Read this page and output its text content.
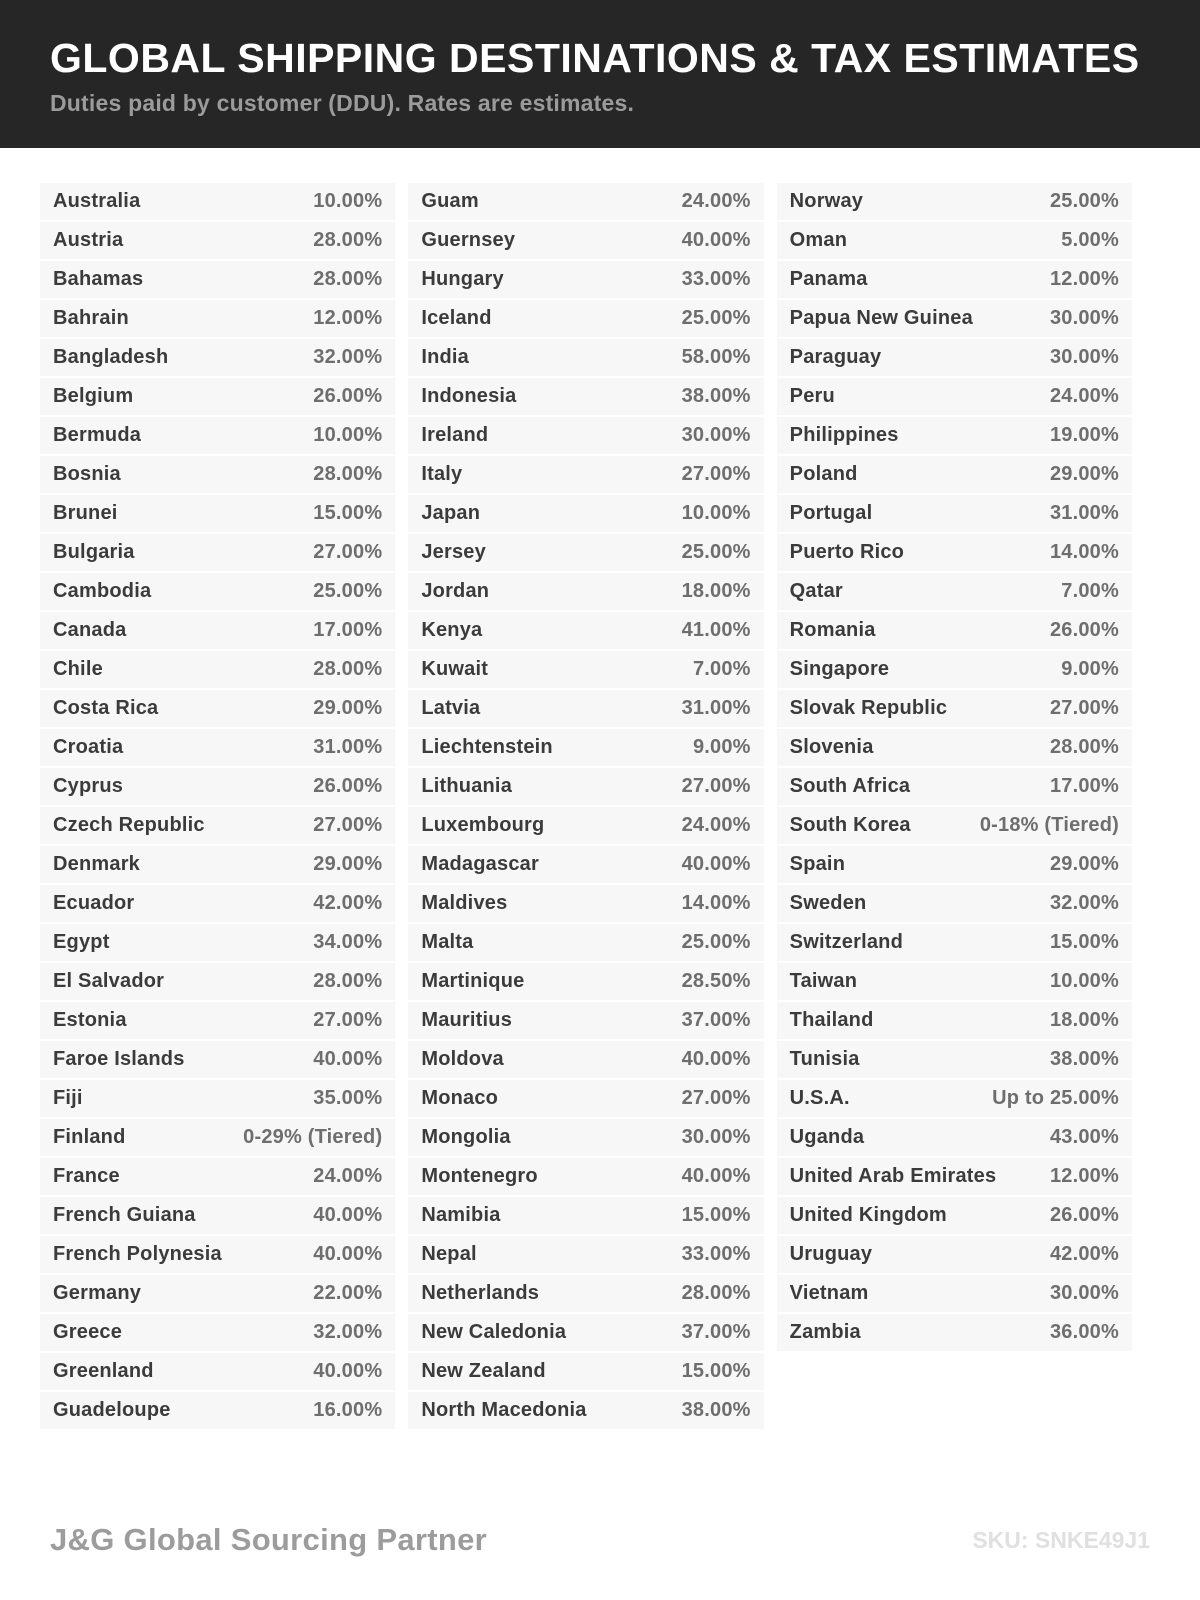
GLOBAL SHIPPING DESTINATIONS & TAX ESTIMATES
Duties paid by customer (DDU). Rates are estimates.
Australia	10.00%
Austria	28.00%
Bahamas	28.00%
Bahrain	12.00%
Bangladesh	32.00%
Belgium	26.00%
Bermuda	10.00%
Bosnia	28.00%
Brunei	15.00%
Bulgaria	27.00%
Cambodia	25.00%
Canada	17.00%
Chile	28.00%
Costa Rica	29.00%
Croatia	31.00%
Cyprus	26.00%
Czech Republic	27.00%
Denmark	29.00%
Ecuador	42.00%
Egypt	34.00%
El Salvador	28.00%
Estonia	27.00%
Faroe Islands	40.00%
Fiji	35.00%
Finland	0-29% (Tiered)
France	24.00%
French Guiana	40.00%
French Polynesia	40.00%
Germany	22.00%
Greece	32.00%
Greenland	40.00%
Guadeloupe	16.00%
Guam	24.00%
Guernsey	40.00%
Hungary	33.00%
Iceland	25.00%
India	58.00%
Indonesia	38.00%
Ireland	30.00%
Italy	27.00%
Japan	10.00%
Jersey	25.00%
Jordan	18.00%
Kenya	41.00%
Kuwait	7.00%
Latvia	31.00%
Liechtenstein	9.00%
Lithuania	27.00%
Luxembourg	24.00%
Madagascar	40.00%
Maldives	14.00%
Malta	25.00%
Martinique	28.50%
Mauritius	37.00%
Moldova	40.00%
Monaco	27.00%
Mongolia	30.00%
Montenegro	40.00%
Namibia	15.00%
Nepal	33.00%
Netherlands	28.00%
New Caledonia	37.00%
New Zealand	15.00%
North Macedonia	38.00%
Norway	25.00%
Oman	5.00%
Panama	12.00%
Papua New Guinea	30.00%
Paraguay	30.00%
Peru	24.00%
Philippines	19.00%
Poland	29.00%
Portugal	31.00%
Puerto Rico	14.00%
Qatar	7.00%
Romania	26.00%
Singapore	9.00%
Slovak Republic	27.00%
Slovenia	28.00%
South Africa	17.00%
South Korea	0-18% (Tiered)
Spain	29.00%
Sweden	32.00%
Switzerland	15.00%
Taiwan	10.00%
Thailand	18.00%
Tunisia	38.00%
U.S.A.	Up to 25.00%
Uganda	43.00%
United Arab Emirates	12.00%
United Kingdom	26.00%
Uruguay	42.00%
Vietnam	30.00%
Zambia	36.00%
J&G Global Sourcing Partner	SKU: SNKE49J1
